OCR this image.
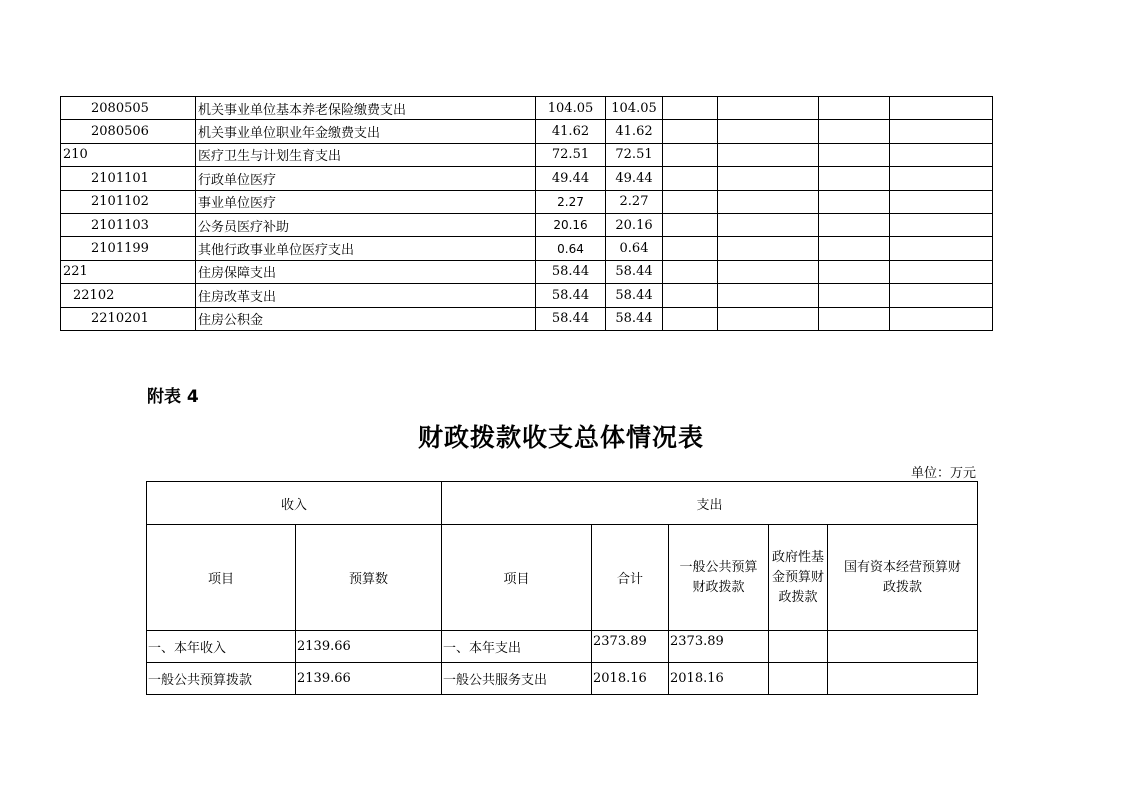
2080505	机关事业单位基本养老保险缴费支出	104.05	104.05				
2080506	机关事业单位职业年金缴费支出	41.62	41.62				
210	医疗卫生与计划生育支出	72.51	72.51				
2101101	行政单位医疗	49.44	49.44				
2101102	事业单位医疗	2.27	2.27				
2101103	公务员医疗补助	20.16	20.16				
2101199	其他行政事业单位医疗支出	0.64	0.64				
221	住房保障支出	58.44	58.44				
22102	住房改革支出	58.44	58.44				
2210201	住房公积金	58.44	58.44				
附表 4
财政拨款收支总体情况表
单位：万元
收入		支出				
项目	预算数	项目	合计	一般公共预算财政拨款	政府性基金预算财政拨款	国有资本经营预算财政拨款
一、本年收入	2139.66	一、本年支出	2373.89	2373.89		
一般公共预算拨款	2139.66	一般公共服务支出	2018.16	2018.16		
